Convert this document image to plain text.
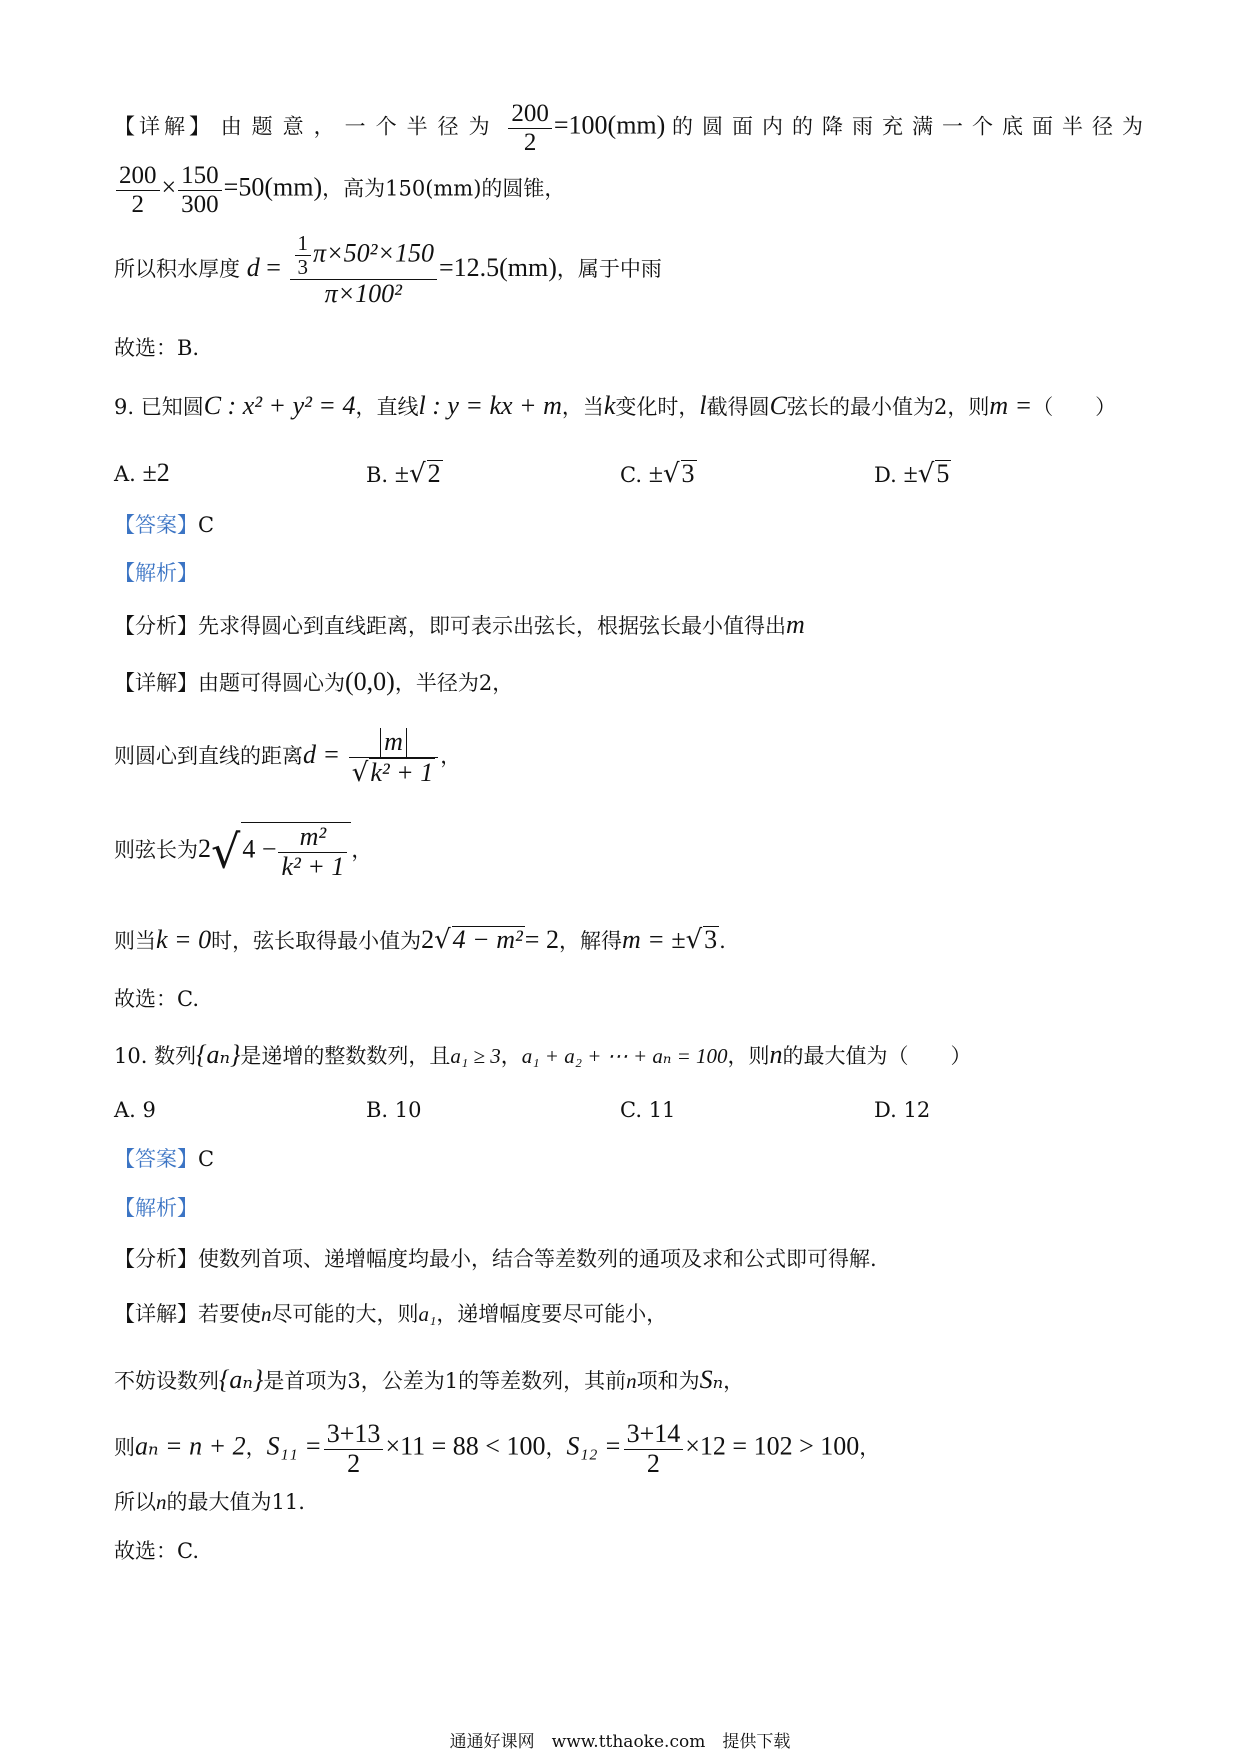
【详解】 由题意，一个半径为 $\frac{200}{2} =100(mm)$ 的圆面内的降雨充满一个底面半径为
$\frac{200}{2} \times \frac{150}{300} =50(mm)$，高为150(mm)的圆锥，
所以积水厚度 $d = \frac{\frac{1}{3} \pi\times 50^2\times 150}{\text{π×100²}} =12.5(mm)$，属于中雨
故选：B.
9. 已知圆C : x² + y² = 4，直线l : y = kx + m，当k变化时，l截得圆C弦长的最小值为2，则m =（　　）
A. ±2	B. ±√2	C. ±√3	D. ±√5
【答案】C
【解析】
【分析】先求得圆心到直线距离，即可表示出弦长，根据弦长最小值得出m
【详解】由题可得圆心为(0,0)，半径为2，
则圆心到直线的距离$d = \frac{m}{\text{√k² + 1}}$ ，
则弦长为$2√4 - \frac{\text{m²}}{\text{k² + 1}}$ ，
则当k = 0时，弦长取得最小值为2√4 − m²= 2，解得m = ±√3.
故选：C.
10. 数列{aₙ}是递增的整数数列，且a₁ ≥ 3，a₁ + a₂ + ⋯ + aₙ = 100，则n的最大值为（　　）
A. 9	B. 10	C. 11	D. 12
【答案】C
【解析】
【分析】使数列首项、递增幅度均最小，结合等差数列的通项及求和公式即可得解.
【详解】若要使n尽可能的大，则a₁，递增幅度要尽可能小，
不妨设数列{aₙ}是首项为3，公差为1的等差数列，其前n项和为Sₙ，
则aₙ = n + 2，$S_{11} = \frac{3+13}{2} \times 11 = 88 < 100$，$S_{12} = \frac{3+14}{2} \times 12 = 102 > 100$，
所以n的最大值为11.
故选：C.
通通好课网　www.tthaoke.com　提供下载
